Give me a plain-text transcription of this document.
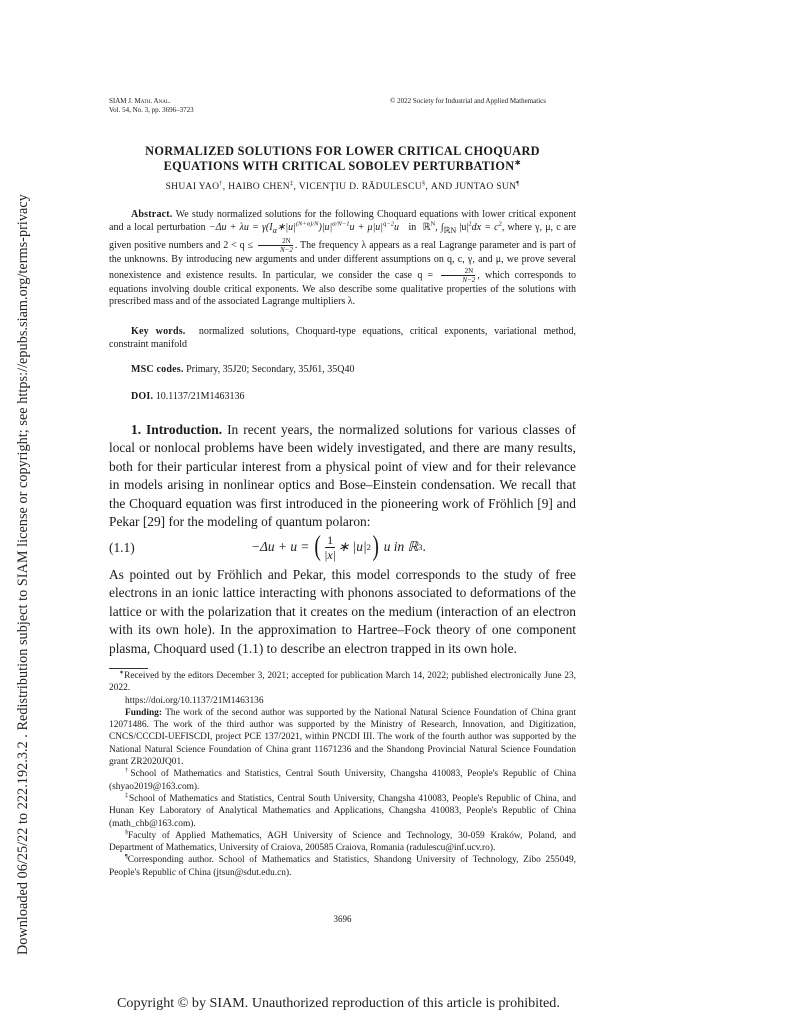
Downloaded 06/25/22 to 222.192.3.2 . Redistribution subject to SIAM license or copyright; see https://epubs.siam.org/terms-privacy
SIAM J. Math. Anal.
Vol. 54, No. 3, pp. 3696–3723
© 2022 Society for Industrial and Applied Mathematics
NORMALIZED SOLUTIONS FOR LOWER CRITICAL CHOQUARD
EQUATIONS WITH CRITICAL SOBOLEV PERTURBATION∗
SHUAI YAO†, HAIBO CHEN‡, VICENŢIU D. RĂDULESCU§, AND JUNTAO SUN¶

Abstract. We study normalized solutions for the following Choquard equations with lower critical exponent and a local perturbation $-\Delta u + \lambda u = \gamma(I_\alpha∗|u|^{(N+\alpha)/N})|u|^{\alpha/N-1}u + \mu|u|^{q-2}u$ in ℝ$^N$, $\int_{ℝN}$ $|u|^2dx = c^2$, where γ, μ, c are given positive numbers and $2 < q \le \frac{2N}{N-2}$ . The frequency λ appears as a real Lagrange parameter and is part of the unknowns. By introducing new arguments and under different assumptions on q, c, γ, and μ, we prove several nonexistence and existence results. In particular, we consider the case $q = \frac{2N}{N-2}$ , which corresponds to equations involving double critical exponents. We also describe some qualitative properties of the solutions with prescribed mass and of the associated Lagrange multipliers λ.

Key words. normalized solutions, Choquard-type equations, critical exponents, variational method, constraint manifold

MSC codes. Primary, 35J20; Secondary, 35J61, 35Q40

DOI. 10.1137/21M1463136

1. Introduction. In recent years, the normalized solutions for various classes of local or nonlocal problems have been widely investigated, and there are many results, both for their particular interest from a physical point of view and for their relevance in models arising in nonlinear optics and Bose–Einstein condensation. We recall that the Choquard equation was first introduced in the pioneering work of Fröhlich [9] and Pekar [29] for the modeling of quantum polaron:

(1.1)	−Δu + u =
( $\frac{1}{|x|}$ ∗ |u| 2 )
u in ℝ 3 .

As pointed out by Fröhlich and Pekar, this model corresponds to the study of free electrons in an ionic lattice interacting with phonons associated to deformations of the lattice or with the polarization that it creates on the medium (interaction of an electron with its own hole). In the approximation to Hartree–Fock theory of one component plasma, Choquard used (1.1) to describe an electron trapped in its own hole.

∗Received by the editors December 3, 2021; accepted for publication March 14, 2022; published electronically June 23, 2022.

https://doi.org/10.1137/21M1463136

Funding: The work of the second author was supported by the National Natural Science Foundation of China grant 12071486. The work of the third author was supported by the Ministry of Research, Innovation, and Digitization, CNCS/CCCDI-UEFISCDI, project PCE 137/2021, within PNCDI III. The work of the fourth author was supported by the National Natural Science Foundation of China grant 11671236 and the Shandong Provincial Natural Science Foundation grant ZR2020JQ01.

†School of Mathematics and Statistics, Central South University, Changsha 410083, People's Republic of China (shyao2019@163.com).

‡School of Mathematics and Statistics, Central South University, Changsha 410083, People's Republic of China, and Hunan Key Laboratory of Analytical Mathematics and Applications, Changsha 410083, People's Republic of China (math_chb@163.com).

§Faculty of Applied Mathematics, AGH University of Science and Technology, 30-059 Kraków, Poland, and Department of Mathematics, University of Craiova, 200585 Craiova, Romania (radulescu@inf.ucv.ro).

¶Corresponding author. School of Mathematics and Statistics, Shandong University of Technology, Zibo 255049, People's Republic of China (jtsun@sdut.edu.cn).

3696
Copyright © by SIAM. Unauthorized reproduction of this article is prohibited.
